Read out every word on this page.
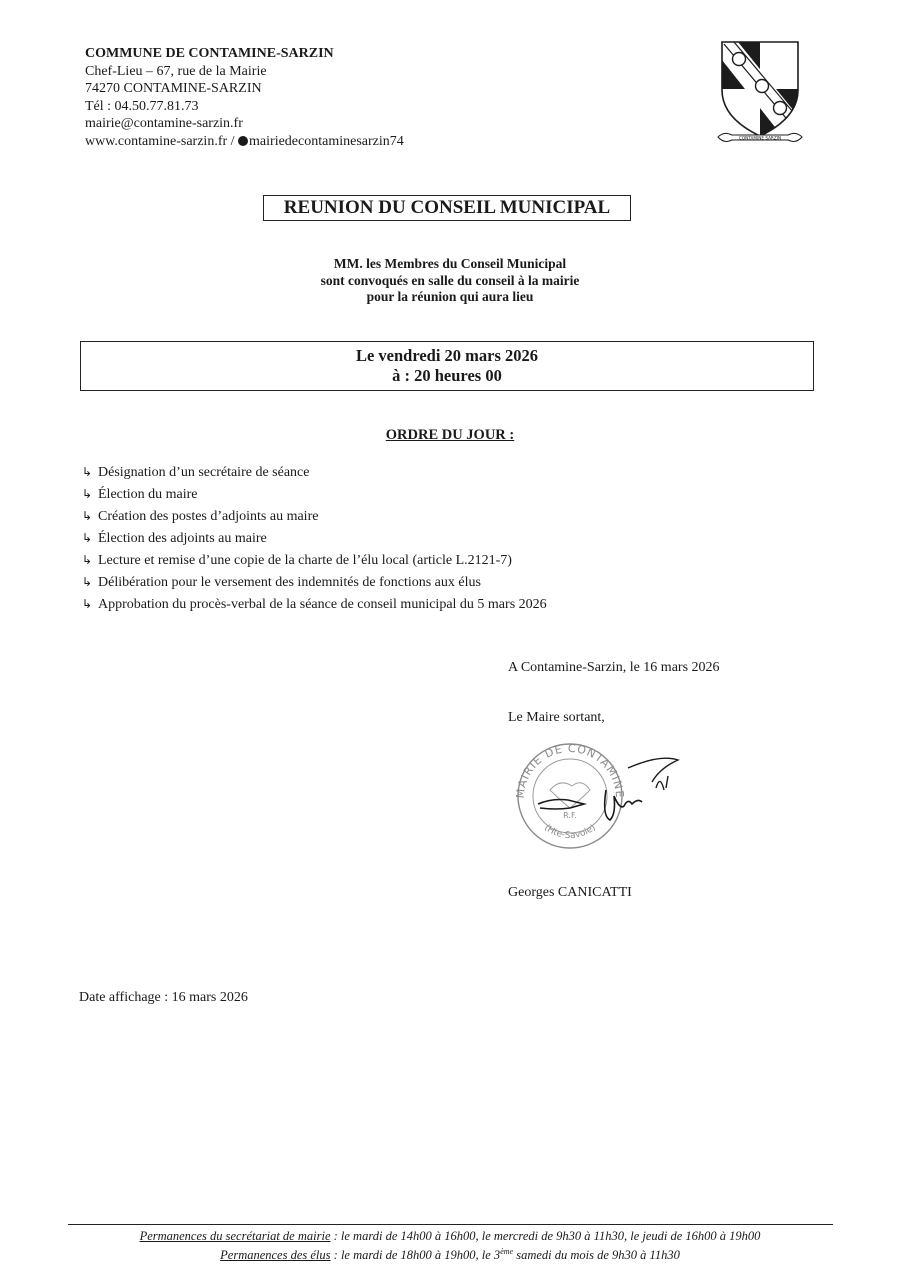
COMMUNE DE CONTAMINE-SARZIN
Chef-Lieu – 67, rue de la Mairie
74270 CONTAMINE-SARZIN
Tél : 04.50.77.81.73
mairie@contamine-sarzin.fr
www.contamine-sarzin.fr / mairiedecontaminesarzin74	CONTAMINE SARZIN
REUNION DU CONSEIL MUNICIPAL
MM. les Membres du Conseil Municipal
sont convoqués en salle du conseil à la mairie
pour la réunion qui aura lieu
Le vendredi 20 mars 2026
à : 20 heures 00
ORDRE DU JOUR :
↳ Désignation d’un secrétaire de séance
↳ Élection du maire
↳ Création des postes d’adjoints au maire
↳ Élection des adjoints au maire
↳ Lecture et remise d’une copie de la charte de l’élu local (article L.2121-7)
↳ Délibération pour le versement des indemnités de fonctions aux élus
↳ Approbation du procès-verbal de la séance de conseil municipal du 5 mars 2026
A Contamine-Sarzin, le 16 mars 2026
Le Maire sortant,
MAIRIE DE CONTAMINE
(Hte-Savoie)
R.F.
Georges CANICATTI
Date affichage : 16 mars 2026
Permanences du secrétariat de mairie : le mardi de 14h00 à 16h00, le mercredi de 9h30 à 11h30, le jeudi de 16h00 à 19h00
Permanences des élus : le mardi de 18h00 à 19h00, le 3ème samedi du mois de 9h30 à 11h30
